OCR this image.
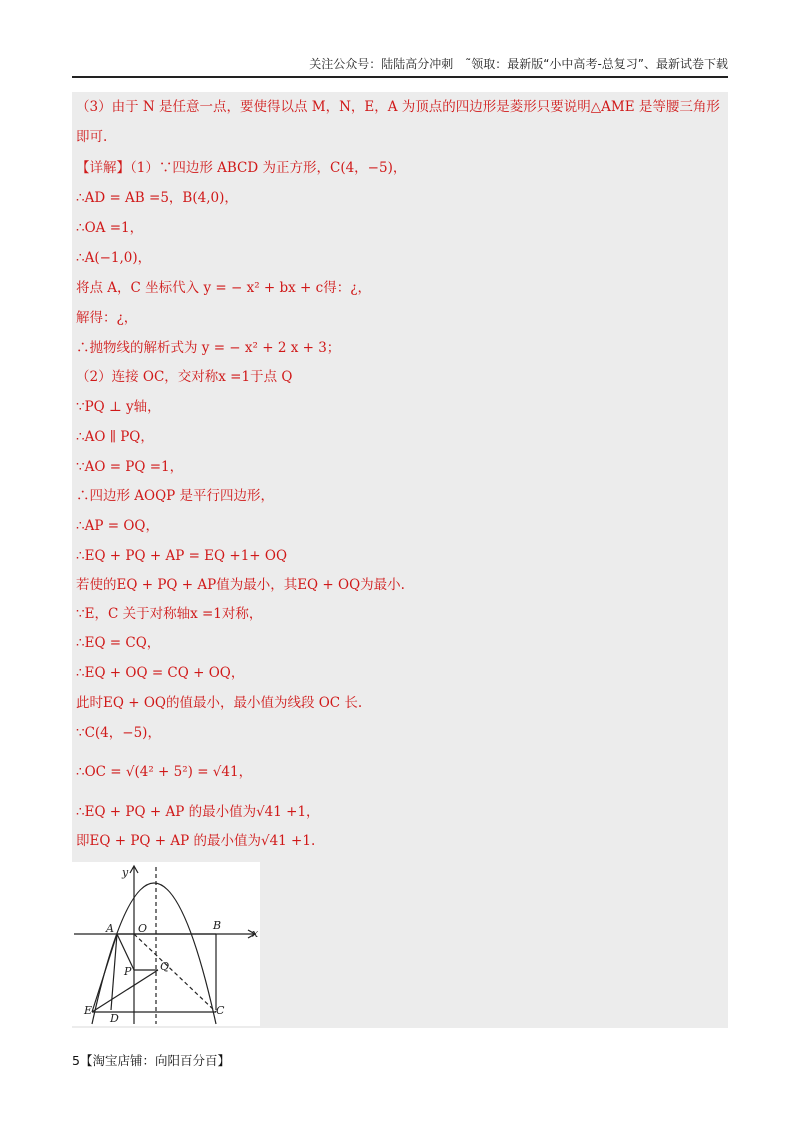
关注公众号：陆陆高分冲刺　˜领取：最新版“小中高考-总复习”、最新试卷下载
（3）由于 N 是任意一点，要使得以点 M，N，E，A 为顶点的四边形是菱形只要说明△AME 是等腰三角形
即可.
【详解】（1）∵四边形 ABCD 为正方形，C(4，−5)，
∴AD = AB =5，B(4,0)，
∴OA =1，
∴A(−1,0)，
将点 A，C 坐标代入 y = − x² + bx + c得：¿，
解得：¿，
∴抛物线的解析式为 y = − x² + 2 x + 3；
（2）连接 OC，交对称x =1于点 Q
∵PQ ⊥ y轴，
∴AO ∥ PQ，
∵AO = PQ =1，
∴四边形 AOQP 是平行四边形，
∴AP = OQ，
∴EQ + PQ + AP = EQ +1+ OQ
若使的EQ + PQ + AP值为最小，其EQ + OQ为最小.
∵E，C 关于对称轴x =1对称，
∴EQ = CQ，
∴EQ + OQ = CQ + OQ，
此时EQ + OQ的值最小，最小值为线段 OC 长.
∵C(4，−5)，
∴OC = √(4² + 5²) = √41，
∴EQ + PQ + AP 的最小值为√41 +1，
即EQ + PQ + AP 的最小值为√41 +1.
y
x
A O	B
P	Q
E
D
C
5【淘宝店铺：向阳百分百】
